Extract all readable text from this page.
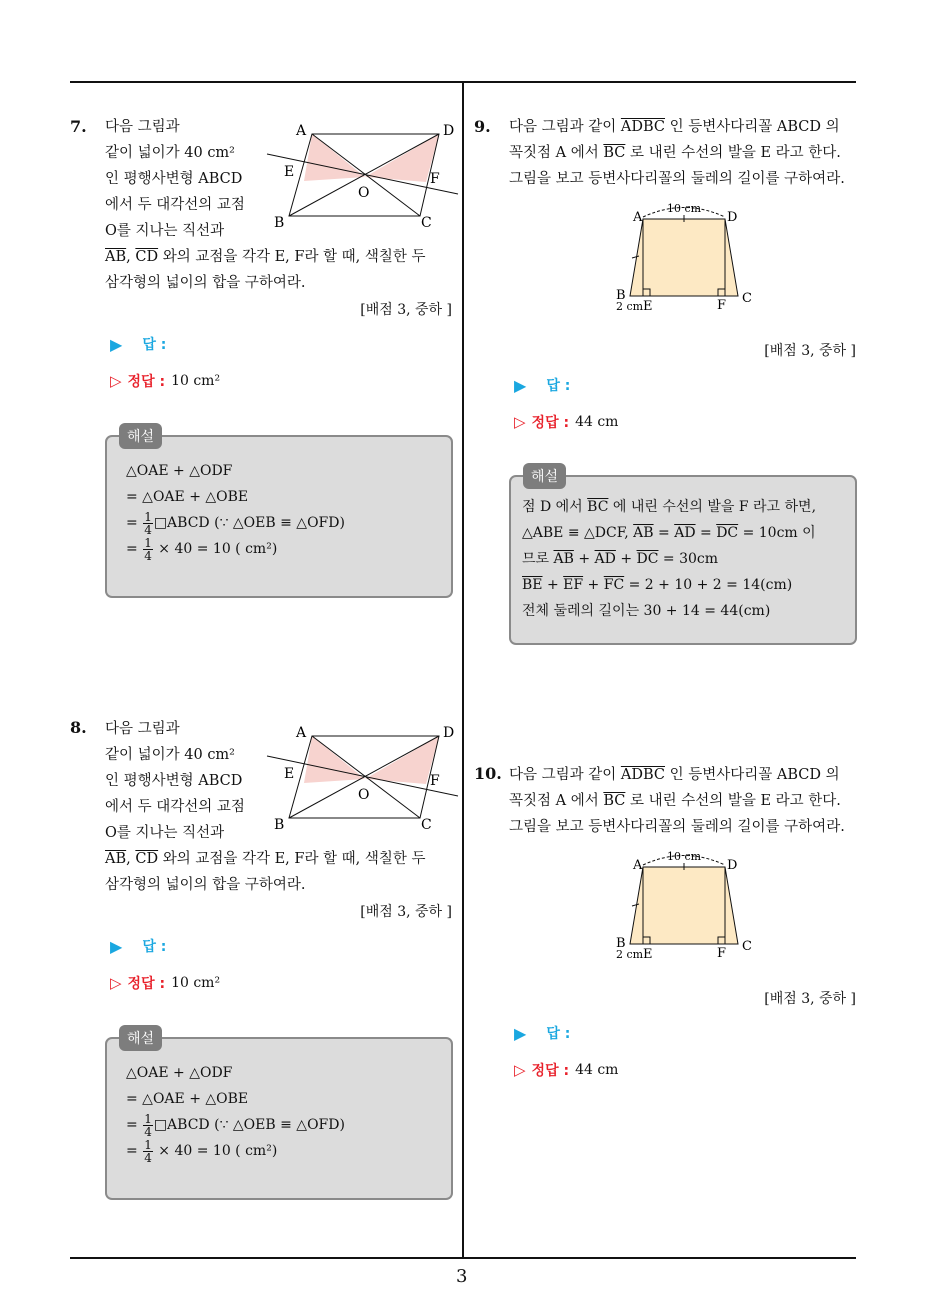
7. 다음 그림과
같이 넓이가 40 cm²
인 평행사변형 ABCD
에서 두 대각선의 교점
O를 지나는 직선과
$\overline{AB}$, $\overline{CD}$ 와의 교점을 각각 E, F라 할 때, 색칠한 두
삼각형의 넓이의 합을 구하여라.
A	D
E	F
O
B	C
[배점 3, 중하 ]
▶ 답 :
▷ 정답 : 10 cm²
해설
△OAE + △ODF
= △OAE + △OBE
= $\frac{1}{4}$ □ABCD (∵ △OEB ≡ △OFD)
= $\frac{1}{4} \times 40 = 10$ ( cm²)
8. 다음 그림과
같이 넓이가 40 cm²
인 평행사변형 ABCD
에서 두 대각선의 교점
O를 지나는 직선과
$\overline{AB}$, $\overline{CD}$ 와의 교점을 각각 E, F라 할 때, 색칠한 두
삼각형의 넓이의 합을 구하여라.
A	D
E	F
O
B	C
[배점 3, 중하 ]
▶ 답 :
▷ 정답 : 10 cm²
해설
△OAE + △ODF
= △OAE + △OBE
= $\frac{1}{4}$ □ABCD (∵ △OEB ≡ △OFD)
= $\frac{1}{4} \times 40 = 10$ ( cm²)
9. 다음 그림과 같이 ADBC 인 등변사다리꼴 ABCD 의
꼭짓점 A 에서 $\overline{BC}$ 로 내린 수선의 발을 E 라고 한다.
그림을 보고 등변사다리꼴의 둘레의 길이를 구하여라.
10 cm
A	D
B	C
F
2 cm E
[배점 3, 중하 ]
▶ 답 :
▷ 정답 : 44 cm
해설
점 D 에서 $\overline{BC}$ 에 내린 수선의 발을 F 라고 하면,
△ABE ≡ △DCF, $\overline{AB} = \overline{AD} = \overline{DC} = 10cm$ 이
므로 $\overline{AB} + \overline{AD} + \overline{DC} = 30cm$
$\overline{BE} + \overline{EF} + \overline{FC} = 2 + 10 + 2 = 14(cm)$
전체 둘레의 길이는 30 + 14 = 44(cm)
10. 다음 그림과 같이 ADBC 인 등변사다리꼴 ABCD 의
꼭짓점 A 에서 $\overline{BC}$ 로 내린 수선의 발을 E 라고 한다.
그림을 보고 등변사다리꼴의 둘레의 길이를 구하여라.
10 cm
A	D
B	C
F
2 cm E
[배점 3, 중하 ]
▶ 답 :
▷ 정답 : 44 cm
3
